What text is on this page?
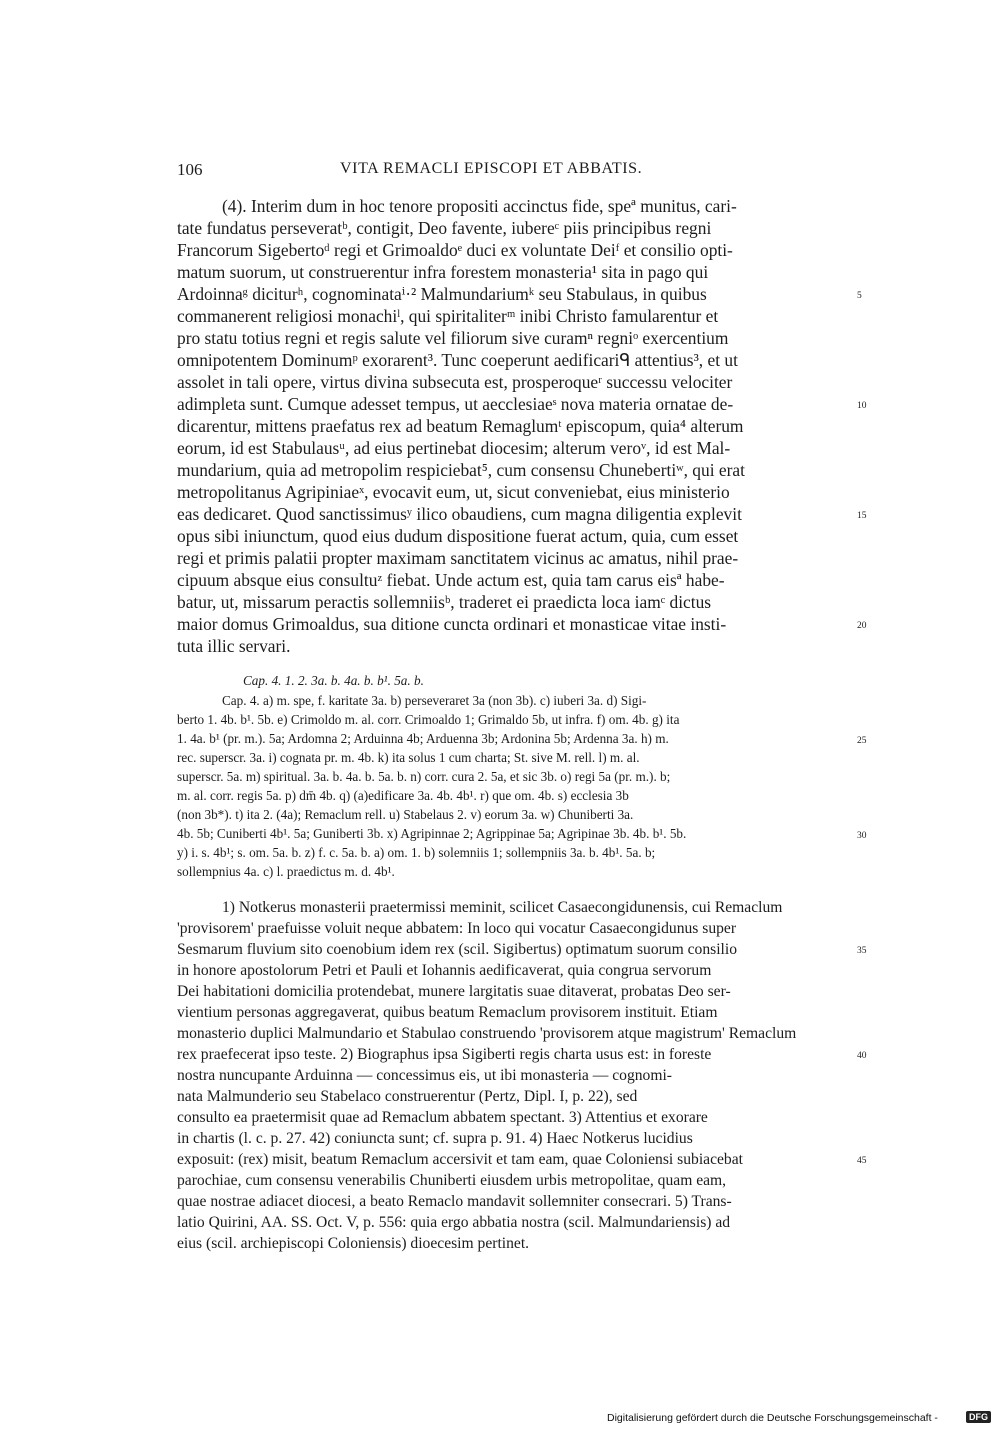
106	VITA REMACLI EPISCOPI ET ABBATIS.
(4). Interim dum in hoc tenore propositi accinctus fide, speª munitus, cari-
tate fundatus perseveratᵇ, contigit, Deo favente, iubereᶜ piis principibus regni
Francorum Sigebertoᵈ regi et Grimoaldoᵉ duci ex voluntate Deiᶠ et consilio opti-
matum suorum, ut construerentur infra forestem monasteria¹ sita in pago qui
Ardoinnaᵍ diciturʰ, cognominataⁱ·² Malmundariumᵏ seu Stabulaus, in quibus
commanerent religiosi monachiˡ, qui spiritaliterᵐ inibi Christo famularentur et
pro statu totius regni et regis salute vel filiorum sive curamⁿ regniᵒ exercentium
omnipotentem Dominumᵖ exorarent³. Tunc coeperunt aedificariᑫ attentius³, et ut
assolet in tali opere, virtus divina subsecuta est, prosperoqueʳ successu velociter
adimpleta sunt. Cumque adesset tempus, ut aecclesiaeˢ nova materia ornatae de-
dicarentur, mittens praefatus rex ad beatum Remaglumᵗ episcopum, quia⁴ alterum
eorum, id est Stabulausᵘ, ad eius pertinebat diocesim; alterum veroᵛ, id est Mal-
mundarium, quia ad metropolim respiciebat⁵, cum consensu Chunebertiʷ, qui erat
metropolitanus Agripiniaeˣ, evocavit eum, ut, sicut conveniebat, eius ministerio
eas dedicaret. Quod sanctissimusʸ ilico obaudiens, cum magna diligentia explevit
opus sibi iniunctum, quod eius dudum dispositione fuerat actum, quia, cum esset
regi et primis palatii propter maximam sanctitatem vicinus ac amatus, nihil prae-
cipuum absque eius consultuᶻ fiebat. Unde actum est, quia tam carus eisª habe-
batur, ut, missarum peractis sollemniisᵇ, traderet ei praedicta loca iamᶜ dictus
maior domus Grimoaldus, sua ditione cuncta ordinari et monasticae vitae insti-
tuta illic servari.
Cap. 4. 1. 2. 3a. b. 4a. b. b¹. 5a. b.
Cap. 4. a) m. spe, f. karitate 3a. b) perseveraret 3a (non 3b). c) iuberi 3a. d) Sigi-
berto 1. 4b. b¹. 5b. e) Crimoldo m. al. corr. Crimoaldo 1; Grimaldo 5b, ut infra. f) om. 4b. g) ita
1. 4a. b¹ (pr. m.). 5a; Ardomna 2; Arduinna 4b; Arduenna 3b; Ardonina 5b; Ardenna 3a. h) m.
rec. superscr. 3a. i) cognata pr. m. 4b. k) ita solus 1 cum charta; St. sive M. rell. l) m. al.
superscr. 5a. m) spiritual. 3a. b. 4a. b. 5a. b. n) corr. cura 2. 5a, et sic 3b. o) regi 5a (pr. m.). b;
m. al. corr. regis 5a. p) dm̄ 4b. q) (a)edificare 3a. 4b. 4b¹. r) que om. 4b. s) ecclesia 3b
(non 3b*). t) ita 2. (4a); Remaclum rell. u) Stabelaus 2. v) eorum 3a. w) Chuniberti 3a.
4b. 5b; Cuniberti 4b¹. 5a; Guniberti 3b. x) Agripinnae 2; Agrippinae 5a; Agripinae 3b. 4b. b¹. 5b.
y) i. s. 4b¹; s. om. 5a. b. z) f. c. 5a. b. a) om. 1. b) solemniis 1; sollempniis 3a. b. 4b¹. 5a. b;
sollempnius 4a. c) l. praedictus m. d. 4b¹.
1) Notkerus monasterii praetermissi meminit, scilicet Casaecongidunensis, cui Remaclum
'provisorem' praefuisse voluit neque abbatem: In loco qui vocatur Casaecongidunus super
Sesmarum fluvium sito coenobium idem rex (scil. Sigibertus) optimatum suorum consilio
in honore apostolorum Petri et Pauli et Iohannis aedificaverat, quia congrua servorum
Dei habitationi domicilia protendebat, munere largitatis suae ditaverat, probatas Deo ser-
vientium personas aggregaverat, quibus beatum Remaclum provisorem instituit. Etiam
monasterio duplici Malmundario et Stabulao construendo 'provisorem atque magistrum' Remaclum
rex praefecerat ipso teste. 2) Biographus ipsa Sigiberti regis charta usus est: in foreste
nostra nuncupante Arduinna — concessimus eis, ut ibi monasteria — cognomi-
nata Malmunderio seu Stabelaco construerentur (Pertz, Dipl. I, p. 22), sed
consulto ea praetermisit quae ad Remaclum abbatem spectant. 3) Attentius et exorare
in chartis (l. c. p. 27. 42) coniuncta sunt; cf. supra p. 91. 4) Haec Notkerus lucidius
exposuit: (rex) misit, beatum Remaclum accersivit et tam eam, quae Coloniensi subiacebat
parochiae, cum consensu venerabilis Chuniberti eiusdem urbis metropolitae, quam eam,
quae nostrae adiacet diocesi, a beato Remaclo mandavit sollemniter consecrari. 5) Trans-
latio Quirini, AA. SS. Oct. V, p. 556: quia ergo abbatia nostra (scil. Malmundariensis) ad
eius (scil. archiepiscopi Coloniensis) dioecesim pertinet.
5
10
15
20
25
30
35
40
45
Digitalisierung gefördert durch die Deutsche Forschungsgemeinschaft -	DFG
